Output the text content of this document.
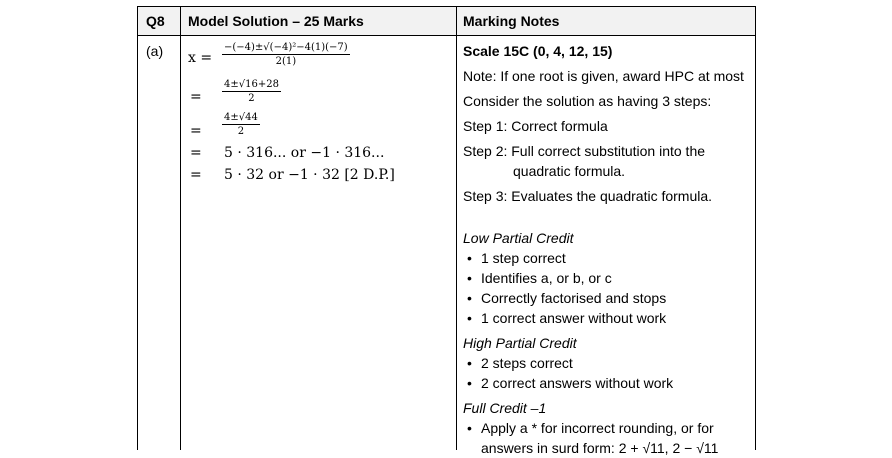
Q8 Model Solution – 25 Marks	Marking Notes
(a) $x = \frac{\text{−(−4)±√(−4)²−4(1)(−7)}}{2(1)}$
= $\frac{4\pm√16+28}{2}$
= $\frac{4\pm√44}{2}$
= 5 · 316... or −1 · 316...
= 5 · 32 or −1 · 32 [2 D.P.]

Scale 15C (0, 4, 12, 15)

Note: If one root is given, award HPC at most

Consider the solution as having 3 steps:

Step 1: Correct formula

Step 2: Full correct substitution into the

quadratic formula.

Step 3: Evaluates the quadratic formula.

Low Partial Credit

• 1 step correct

• Identifies a, or b, or c

• Correctly factorised and stops

• 1 correct answer without work

High Partial Credit

• 2 steps correct

• 2 correct answers without work

Full Credit –1

• Apply a * for incorrect rounding, or for

answers in surd form: 2 + √11, 2 − √11
